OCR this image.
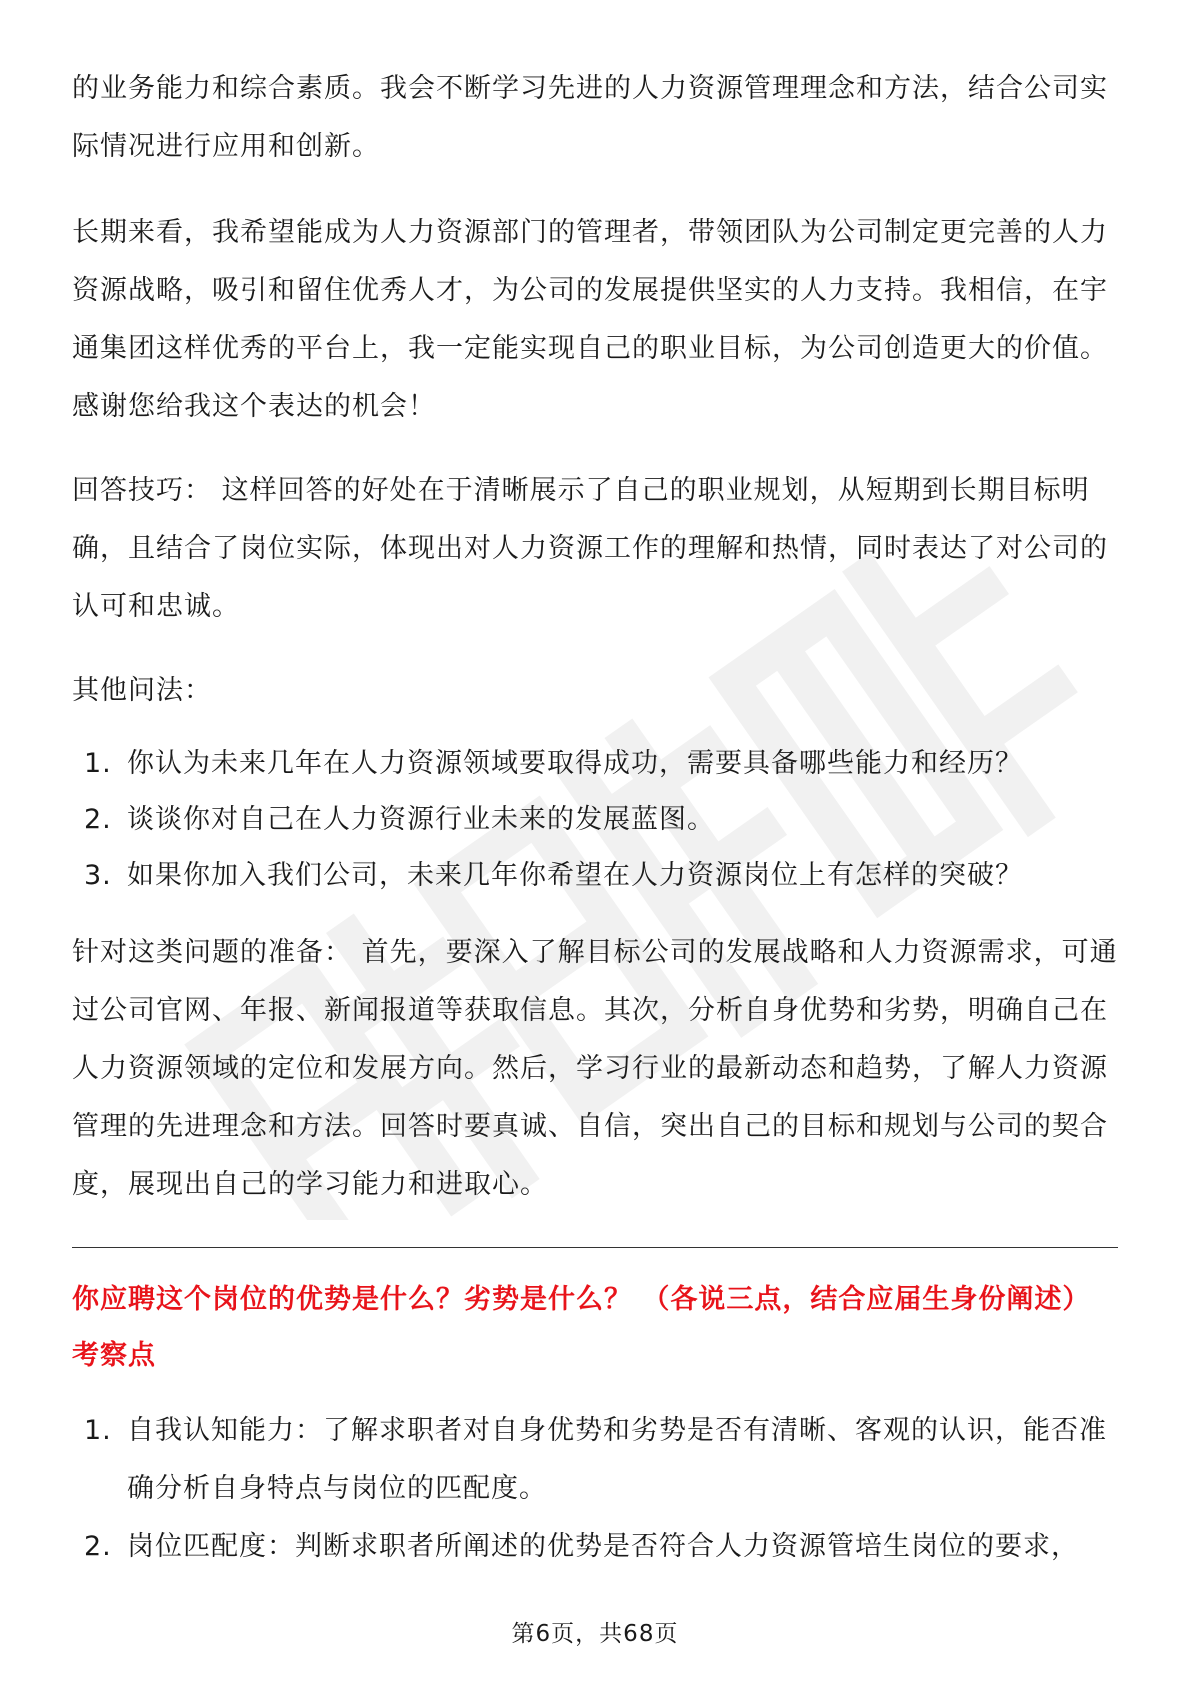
的业务能力和综合素质。我会不断学习先进的人力资源管理理念和方法，结合公司实际情况进行应用和创新。

长期来看，我希望能成为人力资源部门的管理者，带领团队为公司制定更完善的人力资源战略，吸引和留住优秀人才，为公司的发展提供坚实的人力支持。我相信，在宇通集团这样优秀的平台上，我一定能实现自己的职业目标，为公司创造更大的价值。感谢您给我这个表达的机会！

回答技巧： 这样回答的好处在于清晰展示了自己的职业规划，从短期到长期目标明确，且结合了岗位实际，体现出对人力资源工作的理解和热情，同时表达了对公司的认可和忠诚。

其他问法：

1. 你认为未来几年在人力资源领域要取得成功，需要具备哪些能力和经历？
2. 谈谈你对自己在人力资源行业未来的发展蓝图。
3. 如果你加入我们公司，未来几年你希望在人力资源岗位上有怎样的突破？

针对这类问题的准备： 首先，要深入了解目标公司的发展战略和人力资源需求，可通过公司官网、年报、新闻报道等获取信息。其次，分析自身优势和劣势，明确自己在人力资源领域的定位和发展方向。然后，学习行业的最新动态和趋势，了解人力资源管理的先进理念和方法。回答时要真诚、自信，突出自己的目标和规划与公司的契合度，展现出自己的学习能力和进取心。

你应聘这个岗位的优势是什么？劣势是什么？ （各说三点，结合应届生身份阐述）

考察点

1. 自我认知能力：了解求职者对自身优势和劣势是否有清晰、客观的认识，能否准确分析自身特点与岗位的匹配度。
2. 岗位匹配度：判断求职者所阐述的优势是否符合人力资源管培生岗位的要求，
第6页，共68页
